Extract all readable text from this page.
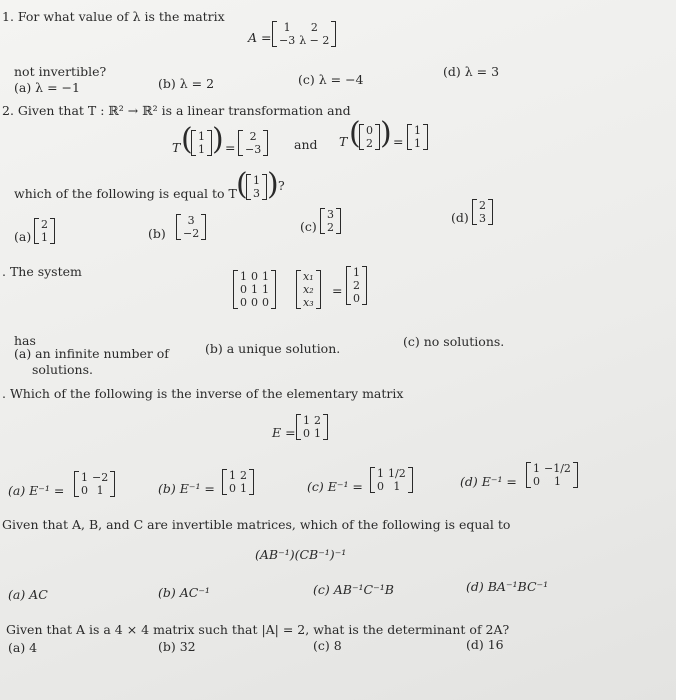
1. For what value of λ is the matrix
A =
1	2
−3	λ − 2
not invertible?
(a) λ = −1	(b) λ = 2	(c) λ = −4
(d) λ = 3
2. Given that T : ℝ² → ℝ² is a linear transformation and
T ( 1
1 ) =
2
−3	and T ( 0
2 ) =
1
1
which of the following is equal to T ( 1
3 ) ?
(a)
2
1	(b)
3
−2	(c)
3
2
(d)
2
3
. The system	1	0	1
0	1	1
0	0	0
x₁
x₂
x₃
=
1
2
0
has
(a) an infinite number of
solutions.
(b) a unique solution.	(c) no solutions.
. Which of the following is the inverse of the elementary matrix
E =
1	2
0	1
(a) E⁻¹ =
1	−2
0	1	(b) E⁻¹ =
1	2
0	1	(c) E⁻¹ =
1	1/2
0	1	(d) E⁻¹ =
1	−1/2
0	1
Given that A, B, and C are invertible matrices, which of the following is equal to
(AB⁻¹)(CB⁻¹)⁻¹
(a) AC	(b) AC⁻¹	(c) AB⁻¹C⁻¹B	(d) BA⁻¹BC⁻¹
Given that A is a 4 × 4 matrix such that |A| = 2, what is the determinant of 2A?
(a) 4	(b) 32	(c) 8	(d) 16
